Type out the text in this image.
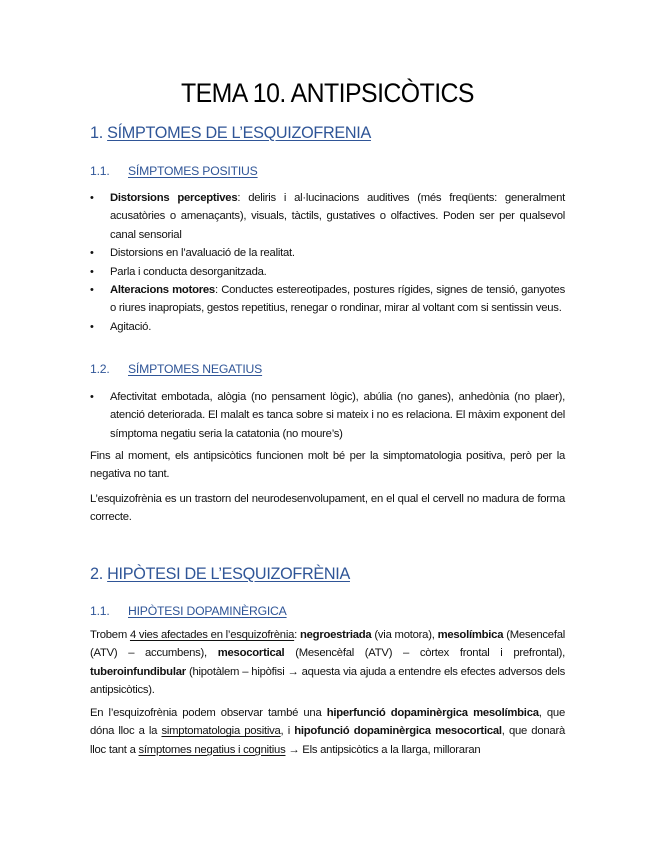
TEMA 10. ANTIPSICÒTICS
1. SÍMPTOMES DE L’ESQUIZOFRENIA
1.1. SÍMPTOMES POSITIUS
• Distorsions perceptives: deliris i al·lucinacions auditives (més freqüents: generalment acusatòries o amenaçants), visuals, tàctils, gustatives o olfactives. Poden ser per qualsevol canal sensorial
• Distorsions en l’avaluació de la realitat.
• Parla i conducta desorganitzada.
• Alteracions motores: Conductes estereotipades, postures rígides, signes de tensió, ganyotes o riures inapropiats, gestos repetitius, renegar o rondinar, mirar al voltant com si sentissin veus.
• Agitació.
1.2. SÍMPTOMES NEGATIUS
• Afectivitat embotada, alògia (no pensament lògic), abúlia (no ganes), anhedònia (no plaer), atenció deteriorada. El malalt es tanca sobre si mateix i no es relaciona. El màxim exponent del símptoma negatiu seria la catatonia (no moure’s)
Fins al moment, els antipsicòtics funcionen molt bé per la simptomatologia positiva, però per la negativa no tant.
L’esquizofrènia es un trastorn del neurodesenvolupament, en el qual el cervell no madura de forma correcte.
2. HIPÒTESI DE L’ESQUIZOFRÈNIA
1.1. HIPÒTESI DOPAMINÈRGICA
Trobem 4 vies afectades en l’esquizofrènia: negroestriada (via motora), mesolímbica (Mesencefal (ATV) – accumbens), mesocortical (Mesencèfal (ATV) – còrtex frontal i prefrontal), tuberoinfundibular (hipotàlem – hipòfisi → aquesta via ajuda a entendre els efectes adversos dels antipsicòtics).
En l’esquizofrènia podem observar també una hiperfunció dopaminèrgica mesolímbica, que dóna lloc a la simptomatologia positiva, i hipofunció dopaminèrgica mesocortical, que donarà lloc tant a símptomes negatius i cognitius → Els antipsicòtics a la llarga, milloraran
